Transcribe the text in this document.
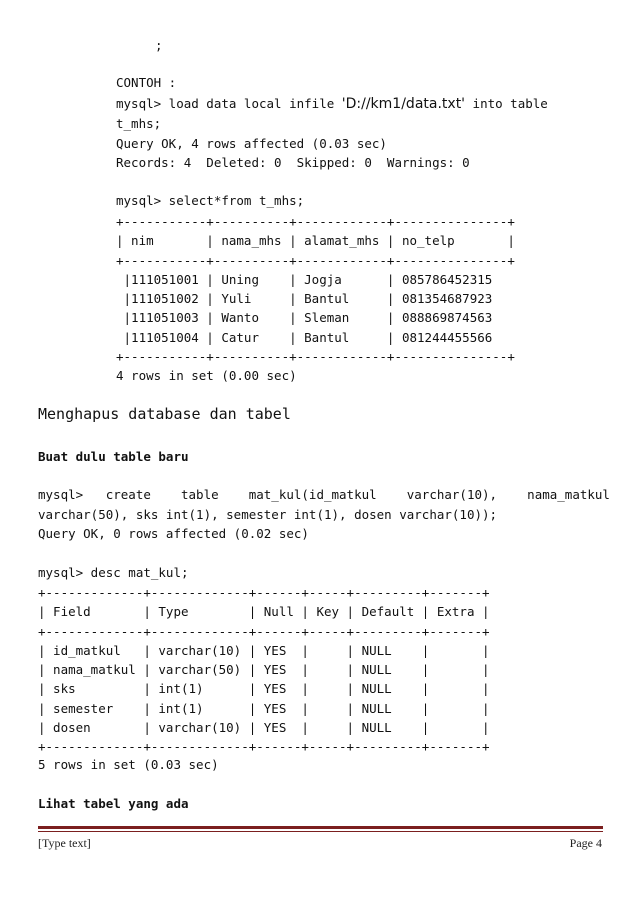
;
CONTOH :
mysql> load data local infile 'D://km1/data.txt' into table
t_mhs;
Query OK, 4 rows affected (0.03 sec)
Records: 4  Deleted: 0  Skipped: 0  Warnings: 0
mysql> select*from t_mhs;
+-----------+----------+------------+---------------+
| nim       | nama_mhs | alamat_mhs | no_telp       |
+-----------+----------+------------+---------------+
|111051001 | Uning    | Jogja      | 085786452315
|111051002 | Yuli     | Bantul     | 081354687923
|111051003 | Wanto    | Sleman     | 088869874563
|111051004 | Catur    | Bantul     | 081244455566
+-----------+----------+------------+---------------+
4 rows in set (0.00 sec)
Menghapus database dan tabel
Buat dulu table baru
mysql>   create    table    mat_kul(id_matkul    varchar(10),    nama_matkul
varchar(50), sks int(1), semester int(1), dosen varchar(10));
Query OK, 0 rows affected (0.02 sec)
mysql> desc mat_kul;
+-------------+-------------+------+-----+---------+-------+
| Field       | Type        | Null | Key | Default | Extra |
+-------------+-------------+------+-----+---------+-------+
| id_matkul   | varchar(10) | YES  |     | NULL    |       |
| nama_matkul | varchar(50) | YES  |     | NULL    |       |
| sks         | int(1)      | YES  |     | NULL    |       |
| semester    | int(1)      | YES  |     | NULL    |       |
| dosen       | varchar(10) | YES  |     | NULL    |       |
+-------------+-------------+------+-----+---------+-------+
5 rows in set (0.03 sec)
Lihat tabel yang ada
[Type text]	Page 4
